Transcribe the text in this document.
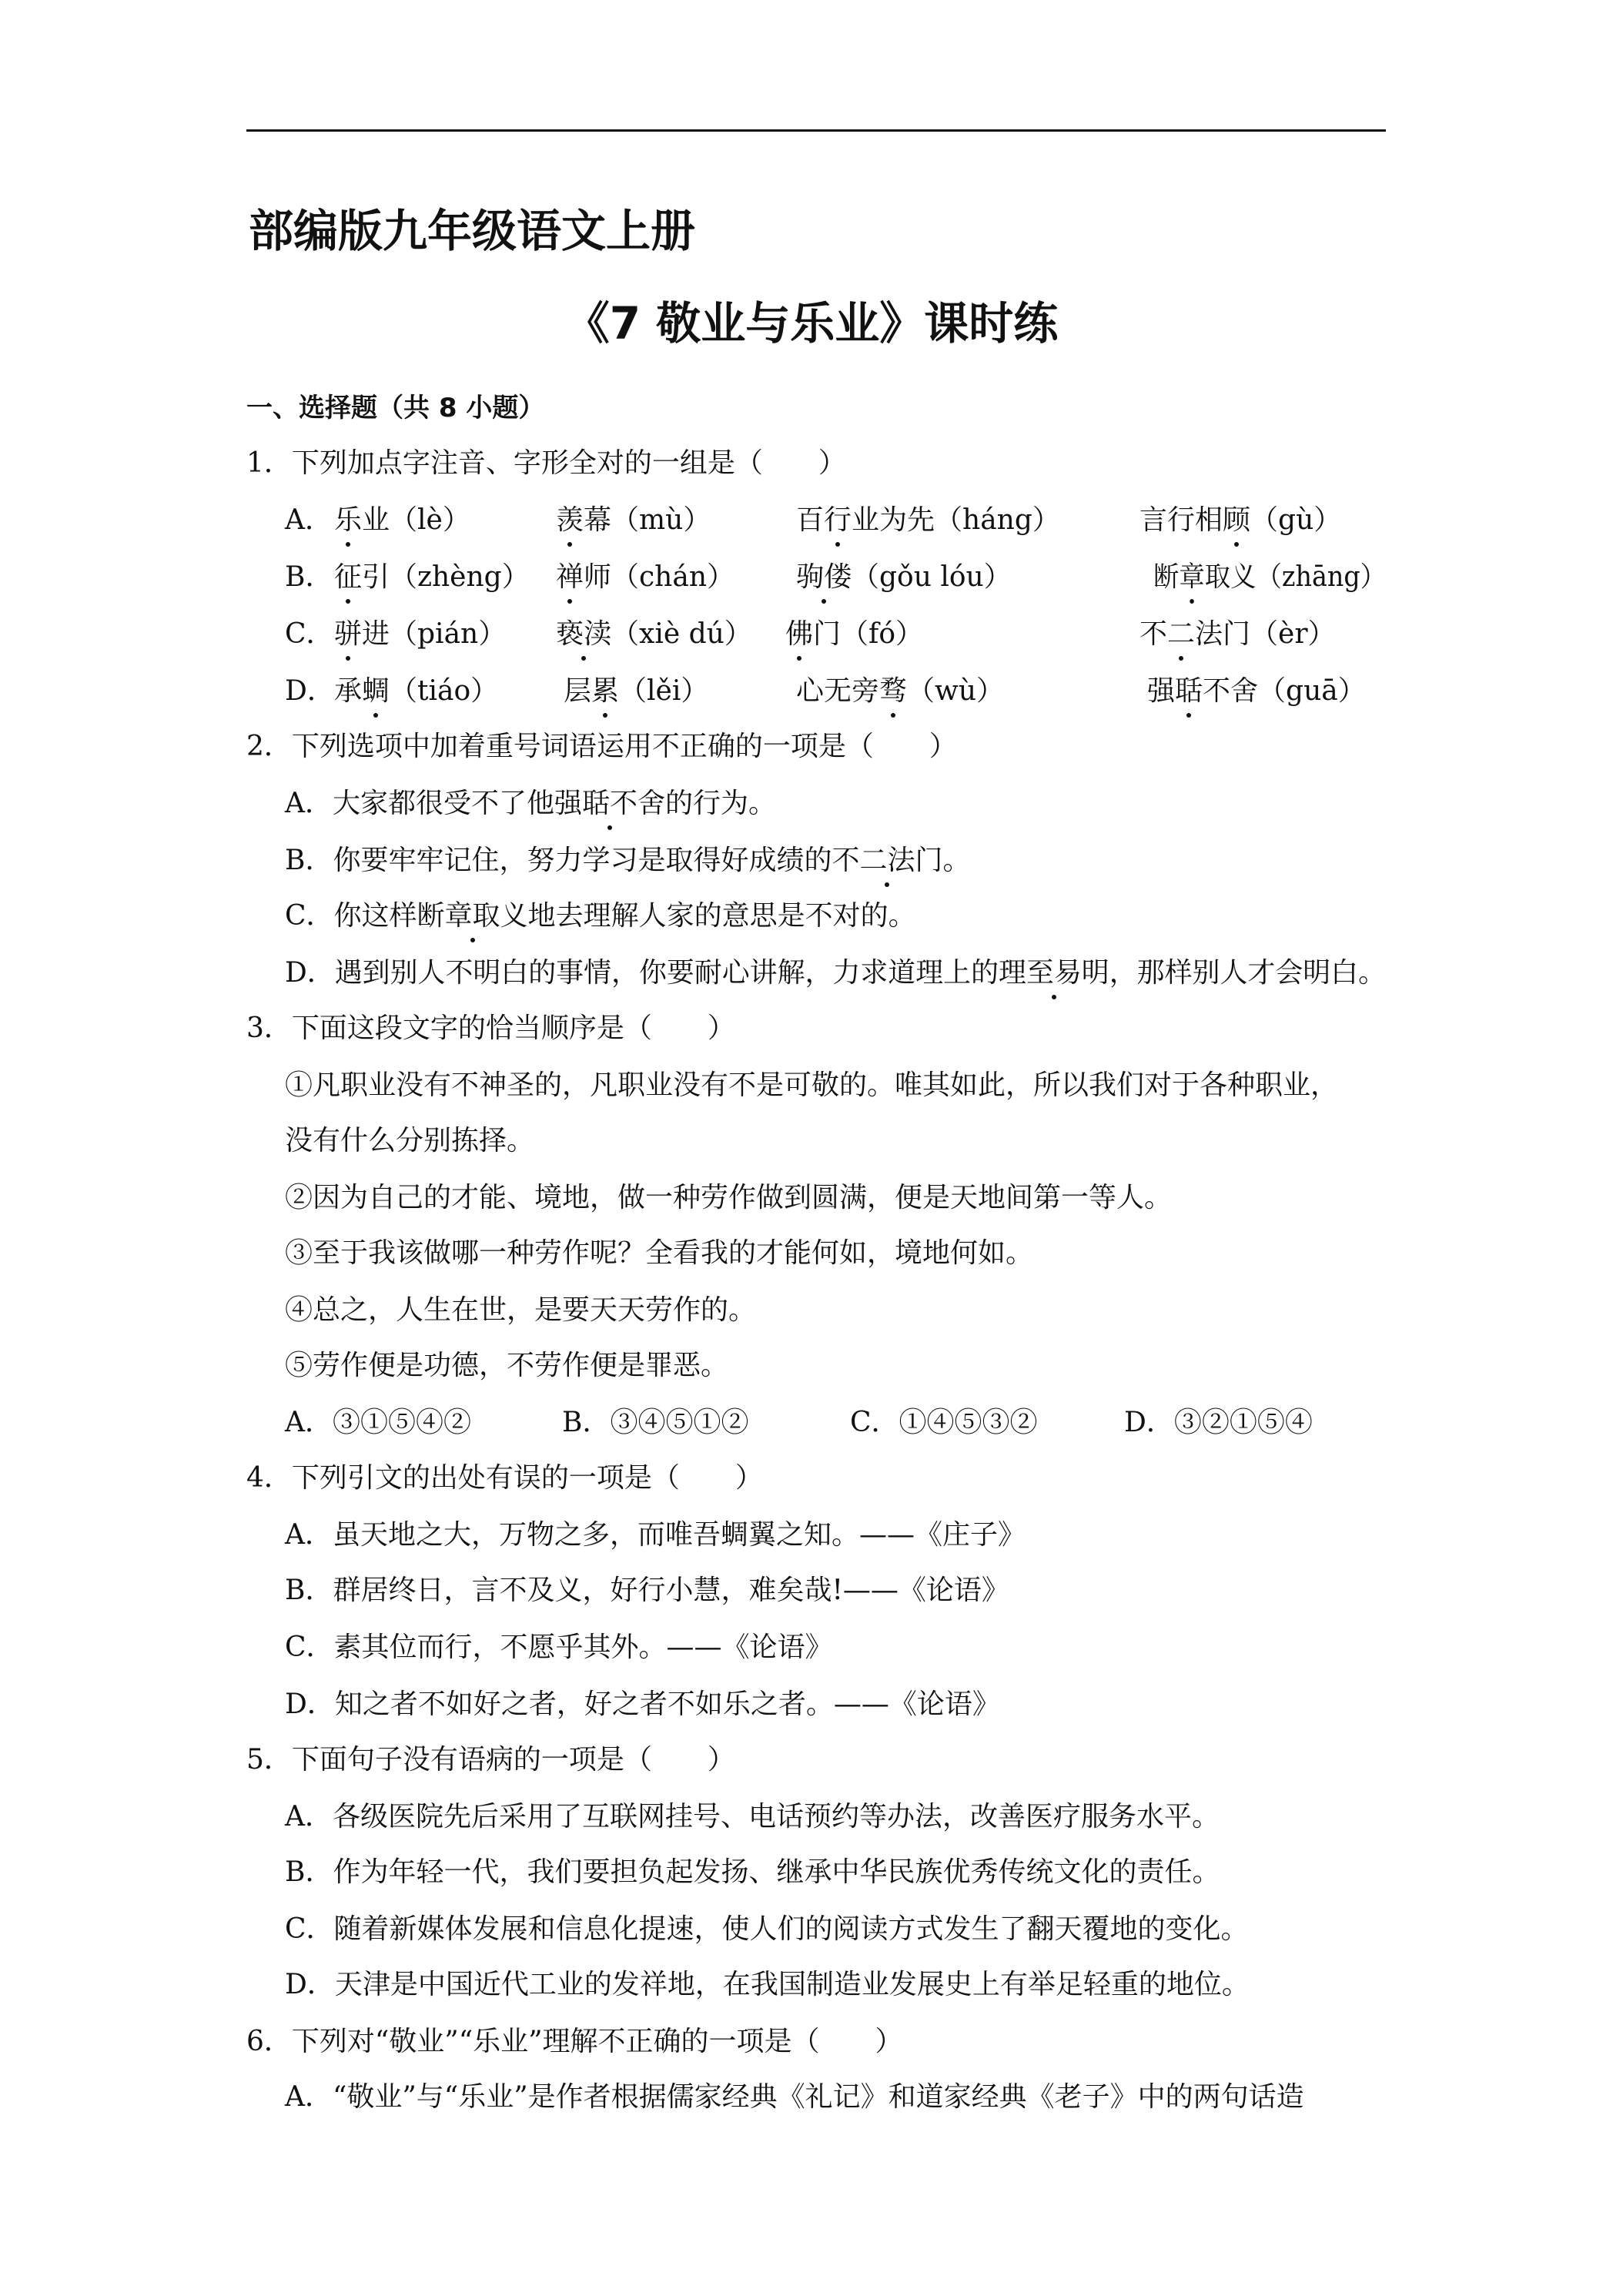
部编版九年级语文上册
《7 敬业与乐业》课时练
一、选择题（共 8 小题）
1．下列加点字注音、字形全对的一组是（　　）
A． 乐业（lè）	羡幕（mù）	百行业为先（háng）	言行相顾（gù）
B． 征引（zhèng） 禅师（chán） 驹偻（gǒu lóu）	断章取义（zhāng）
C． 骈进（pián） 亵渎（xiè dú） 佛门（fó）	不二法门（èr）
D． 承蜩（tiáo） 层累（lěi）	心无旁骛（wù）	强聒不舍（guā）
2．下列选项中加着重号词语运用不正确的一项是（　　）
A．大家都很受不了他强聒不舍的行为。
B．你要牢牢记住，努力学习是取得好成绩的不二法门。
C．你这样断章取义地去理解人家的意思是不对的。
D．遇到别人不明白的事情，你要耐心讲解，力求道理上的理至易明，那样别人才会明白。
3．下面这段文字的恰当顺序是（　　）
①凡职业没有不神圣的，凡职业没有不是可敬的。唯其如此，所以我们对于各种职业，
没有什么分别拣择。
②因为自己的才能、境地，做一种劳作做到圆满，便是天地间第一等人。
③至于我该做哪一种劳作呢？全看我的才能何如，境地何如。
④总之，人生在世，是要天天劳作的。
⑤劳作便是功德，不劳作便是罪恶。
A．③①⑤④②	B．③④⑤①②	C．①④⑤③②	D．③②①⑤④
4．下列引文的出处有误的一项是（　　）
A．虽天地之大，万物之多，而唯吾蜩翼之知。——《庄子》
B．群居终日，言不及义，好行小慧，难矣哉!——《论语》
C．素其位而行，不愿乎其外。——《论语》
D．知之者不如好之者，好之者不如乐之者。——《论语》
5．下面句子没有语病的一项是（　　）
A．各级医院先后采用了互联网挂号、电话预约等办法，改善医疗服务水平。
B．作为年轻一代，我们要担负起发扬、继承中华民族优秀传统文化的责任。
C．随着新媒体发展和信息化提速，使人们的阅读方式发生了翻天覆地的变化。
D．天津是中国近代工业的发祥地，在我国制造业发展史上有举足轻重的地位。
6．下列对“敬业”“乐业”理解不正确的一项是（　　）
A．“敬业”与“乐业”是作者根据儒家经典《礼记》和道家经典《老子》中的两句话造
